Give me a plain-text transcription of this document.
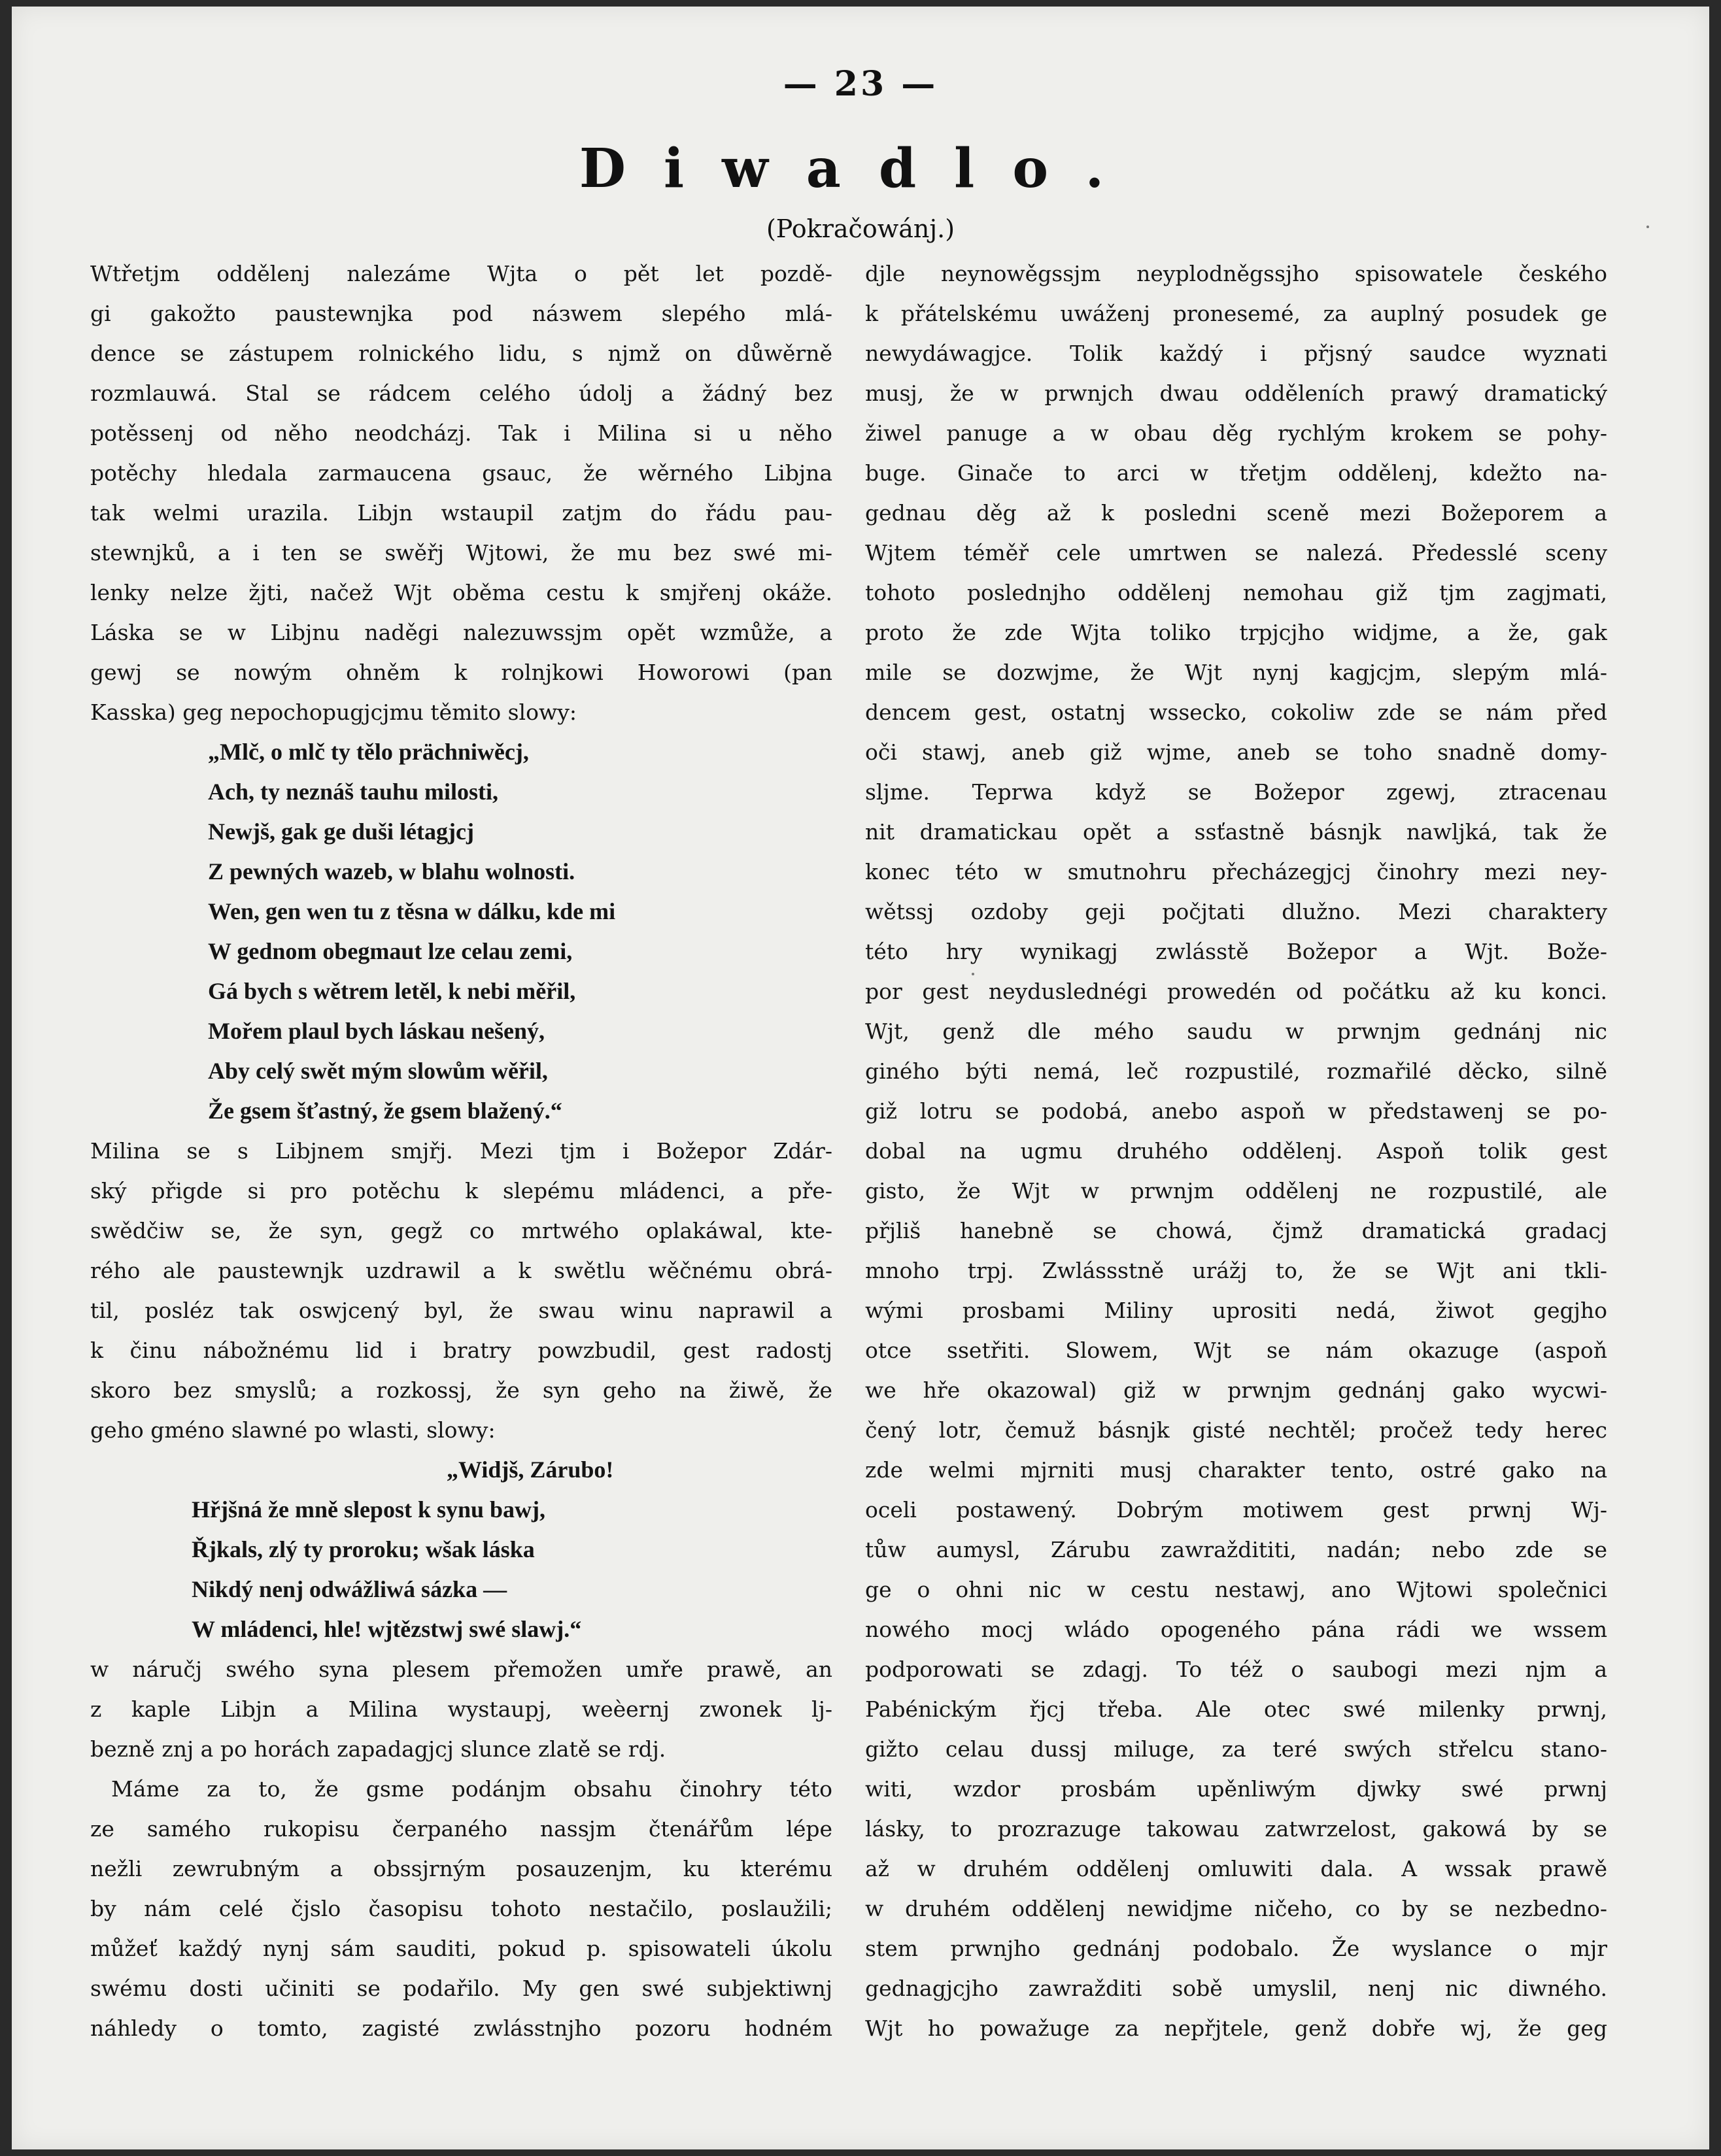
— 23 —
Diwadlo.
(Pokračowánj.)
Wtřetjm oddělenj nalezáme Wjta o pět let pozdě-
gi gakožto paustewnjka pod náзwem slepého mlá-
dence se zástupem rolnického lidu, s njmž on důwěrně
rozmlauwá. Stal se rádcem celého údolj a žádný bez
potěssenj od něho neodcházj. Tak i Milina si u něho
potěchy hledala zarmaucena gsauc, že wěrného Libjna
tak welmi urazila. Libjn wstaupil zatjm do řádu pau-
stewnjků, a i ten se swěřj Wjtowi, že mu bez swé mi-
lenky nelze žjti, načež Wjt oběma cestu k smjřenj okáže.
Láska se w Libjnu naděgi nalezuwssjm opět wzmůže, a
gewj se nowým ohněm k rolnjkowi Howorowi (pan
Kasska) geg nepochopugjcjmu těmito slowy:
„Mlč, o mlč ty tělo prächniwěcj,
Ach, ty neznáš tauhu milosti,
Newjš, gak ge duši létagjcj
Z pewných wazeb, w blahu wolnosti.
Wen, gen wen tu z těsna w dálku, kde mi
W gednom obegmaut lze celau zemi,
Gá bych s wětrem letěl, k nebi měřil,
Mořem plaul bych láskau nešený,
Aby celý swět mým slowům wěřil,
Že gsem šťastný, že gsem blažený.“
Milina se s Libjnem smjřj. Mezi tjm i Božepor Zdár-
ský přigde si pro potěchu k slepému mládenci, a pře-
swědčiw se, že syn, gegž co mrtwého oplakáwal, kte-
rého ale paustewnjk uzdrawil a k swětlu wěčnému obrá-
til, posléz tak oswjcený byl, že swau winu naprawil a
k činu nábožnému lid i bratry powzbudil, gest radostj
skoro bez smyslů; a rozkossj, že syn geho na žiwě, že
geho gméno slawné po wlasti, slowy:
„Widjš, Zárubo!
Hřjšná že mně slepost k synu bawj,
Řjkals, zlý ty proroku; wšak láska
Nikdý nenj odwážliwá sázka —
W mládenci, hle! wjtězstwj swé slawj.“
w náručj swého syna plesem přemožen umře prawě, an
z kaple Libjn a Milina wystaupj, weèernj zwonek lj-
bezně znj a po horách zapadagjcj slunce zlatě se rdj.
Máme za to, že gsme podánjm obsahu činohry této
ze samého rukopisu čerpaného nassjm čtenářům lépe
nežli zewrubným a obssjrným posauzenjm, ku kterému
by nám celé čjslo časopisu tohoto nestačilo, poslaužili;
můžeť každý nynj sám sauditi, pokud p. spisowateli úkolu
swému dosti učiniti se podařilo. My gen swé subjektiwnj
náhledy o tomto, zagisté zwlásstnjho pozoru hodném
djle neynowěgssjm neyplodněgssjho spisowatele českého
k přátelskému uwáženj pronesemé, za auplný posudek ge
newydáwagjce. Tolik každý i přjsný saudce wyznati
musj, že w prwnjch dwau odděleních prawý dramatický
žiwel panuge a w obau děg rychlým krokem se pohy-
buge. Ginače to arci w třetjm oddělenj, kdežto na-
gednau děg až k posledni sceně mezi Božeporem a
Wjtem téměř cele umrtwen se nalezá. Předesslé sceny
tohoto poslednjho oddělenj nemohau giž tjm zagjmati,
proto že zde Wjta toliko trpjcjho widjme, a že, gak
mile se dozwjme, že Wjt nynj kagjcjm, slepým mlá-
dencem gest, ostatnj wssecko, cokoliw zde se nám před
oči stawj, aneb giž wjme, aneb se toho snadně domy-
sljme. Teprwa když se Božepor zgewj, ztracenau
nit dramatickau opět a ssťastně básnjk nawljká, tak že
konec této w smutnohru přecházegjcj činohry mezi ney-
wětssj ozdoby geji počjtati dlužno. Mezi charaktery
této hry wynikagj zwlásstě Božepor a Wjt. Bože-
por gest neyduslednégi prowedén od počátku až ku konci.
Wjt, genž dle mého saudu w prwnjm gednánj nic
giného býti nemá, leč rozpustilé, rozmařilé děcko, silně
giž lotru se podobá, anebo aspoň w předstawenj se po-
dobal na ugmu druhého oddělenj. Aspoň tolik gest
gisto, že Wjt w prwnjm oddělenj ne rozpustilé, ale
přjliš hanebně se chowá, čjmž dramatická gradacj
mnoho trpj. Zwlássstně urážj to, že se Wjt ani tkli-
wými prosbami Miliny uprositi nedá, žiwot gegjho
otce ssetřiti. Slowem, Wjt se nám okazuge (aspoň
we hře okazowal) giž w prwnjm gednánj gako wycwi-
čený lotr, čemuž básnjk gisté nechtěl; pročež tedy herec
zde welmi mjrniti musj charakter tento, ostré gako na
oceli postawený. Dobrým motiwem gest prwnj Wj-
tůw aumysl, Zárubu zawraždititi, nadán; nebo zde se
ge o ohni nic w cestu nestawj, ano Wjtowi společnici
nowého mocj wládo opogeného pána rádi we wssem
podporowati se zdagj. To též o saubogi mezi njm a
Pabénickým řjcj třeba. Ale otec swé milenky prwnj,
gižto celau dussj miluge, za teré swých střelcu stano-
witi, wzdor prosbám upěnliwým djwky swé prwnj
lásky, to prozrazuge takowau zatwrzelost, gakowá by se
až w druhém oddělenj omluwiti dala. A wssak prawě
w druhém oddělenj newidjme ničeho, co by se nezbedno-
stem prwnjho gednánj podobalo. Že wyslance o mjr
gednagjcjho zawražditi sobě umyslil, nenj nic diwného.
Wjt ho powažuge za nepřjtele, genž dobře wj, že geg
